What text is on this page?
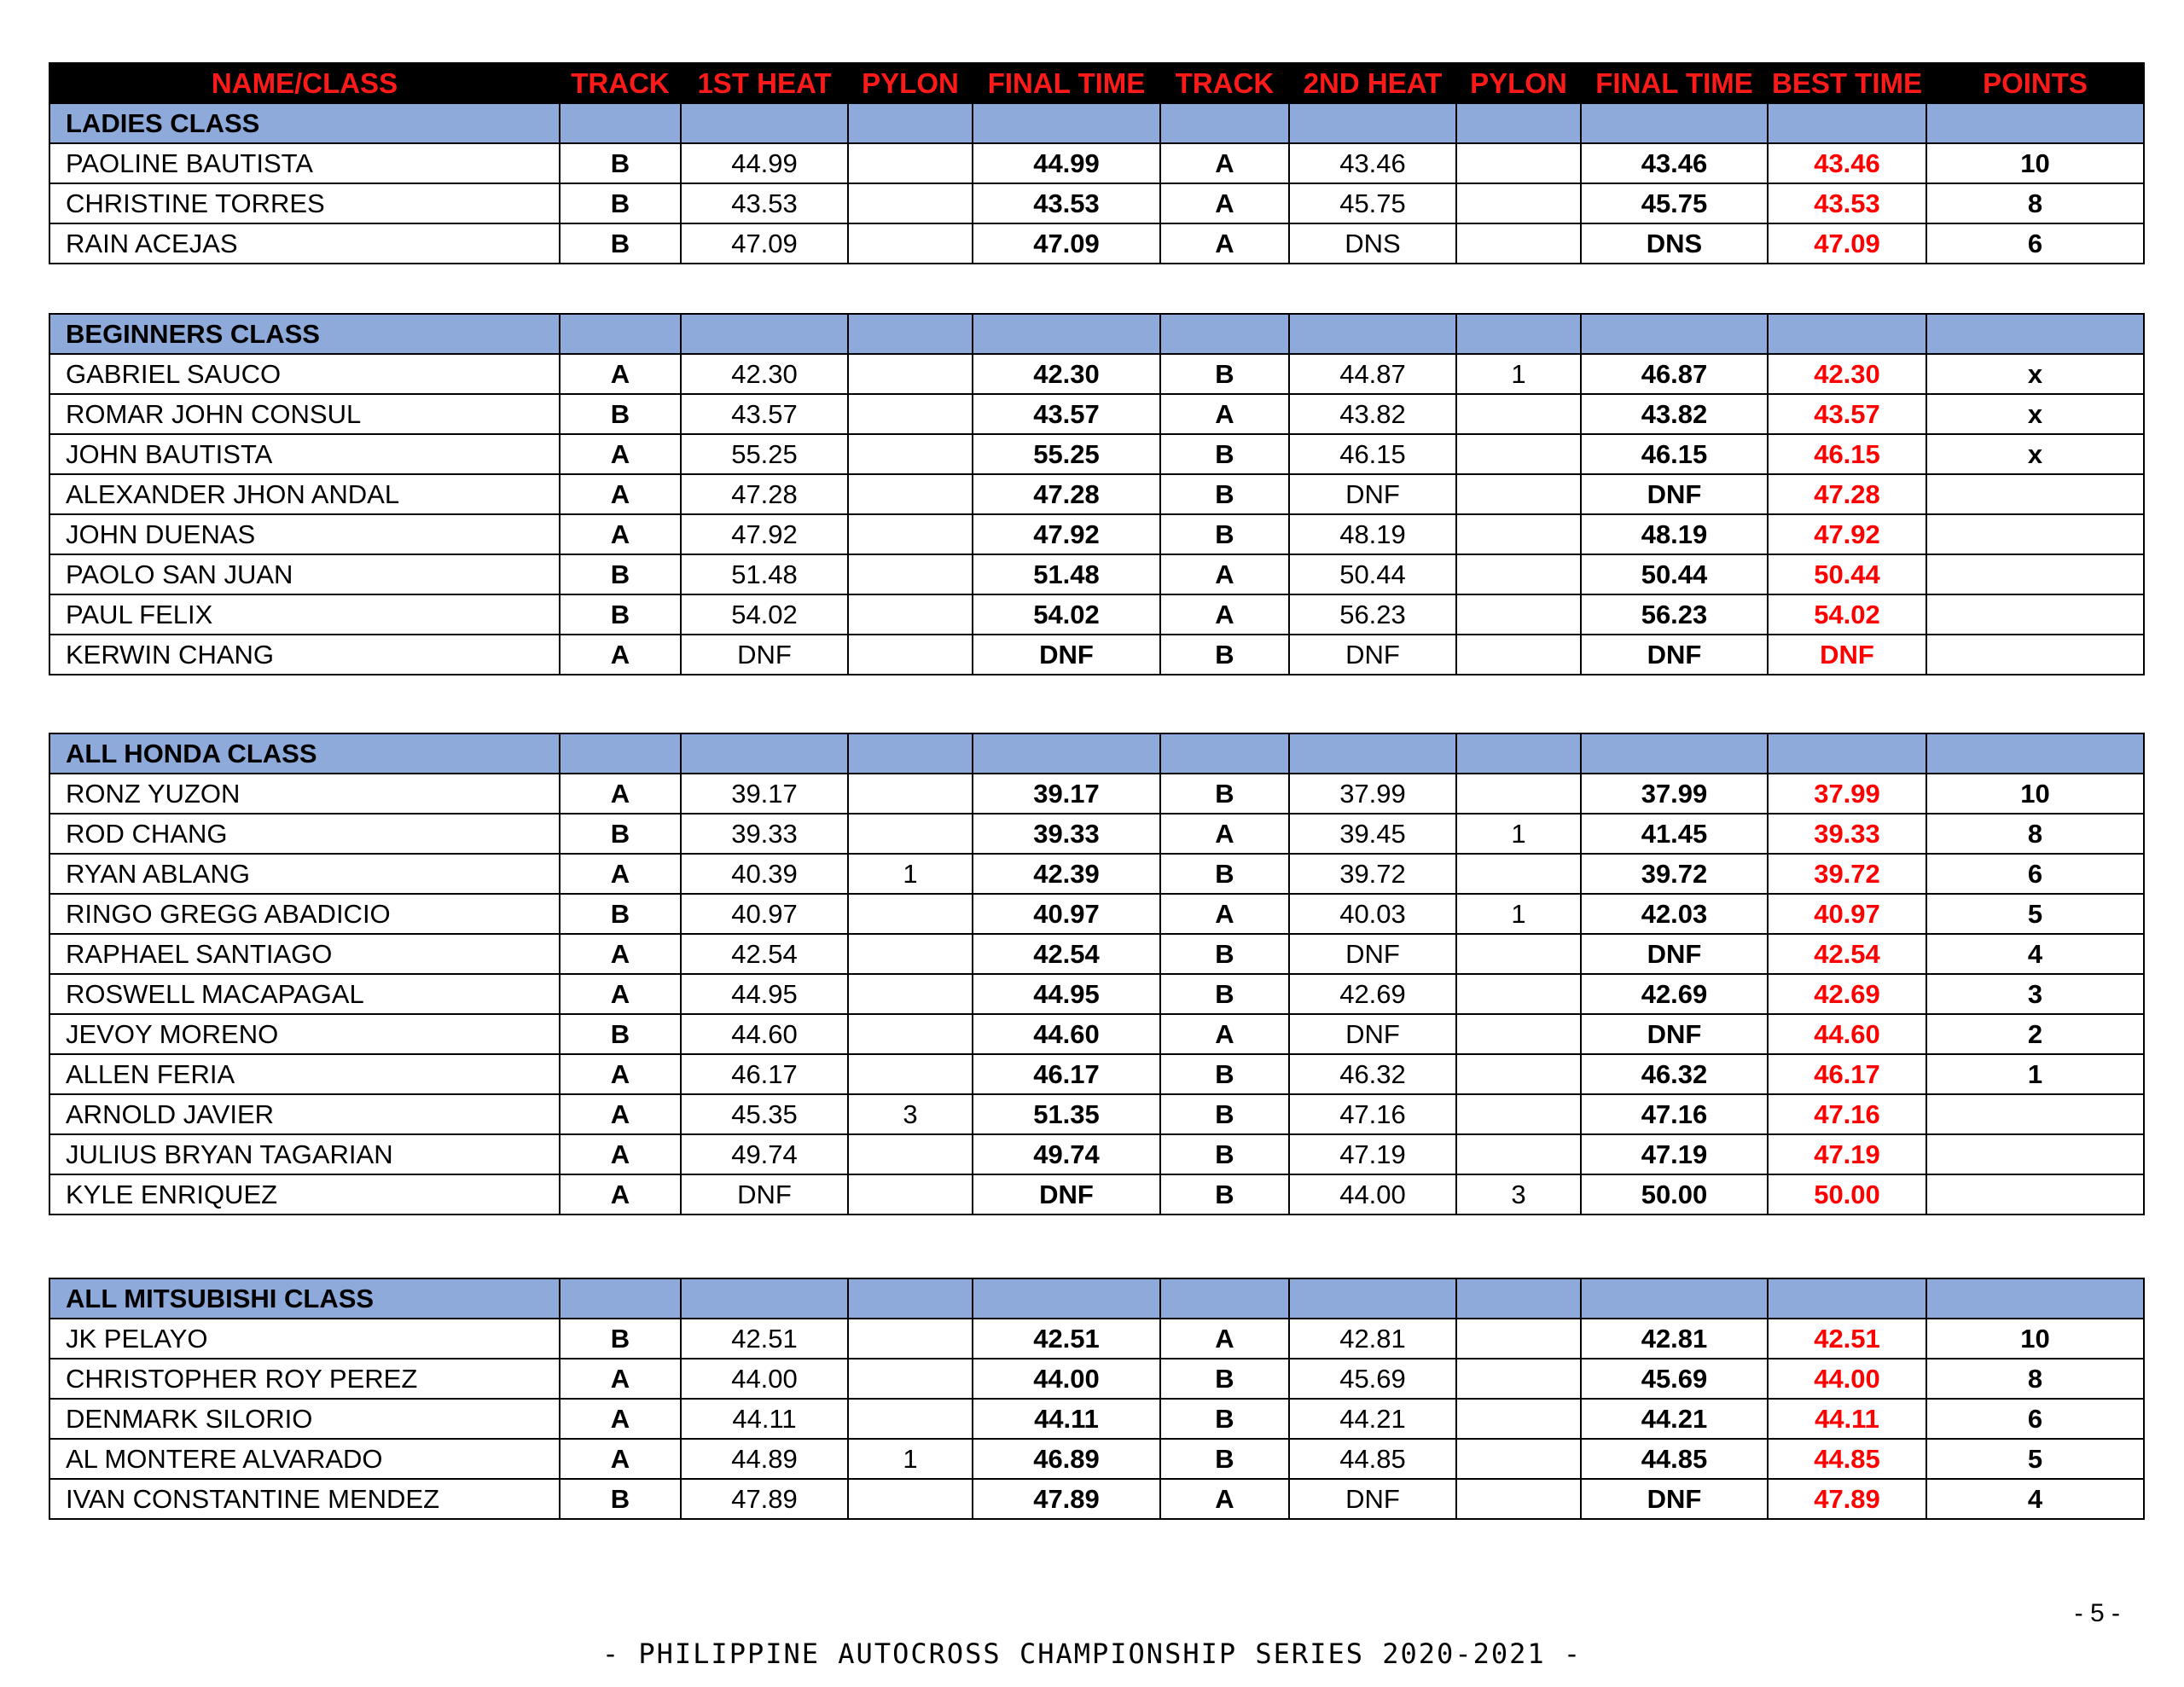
NAME/CLASS	TRACK	1ST HEAT	PYLON	FINAL TIME	TRACK	2ND HEAT	PYLON	FINAL TIME	BEST TIME	POINTS
LADIES CLASS										
PAOLINE BAUTISTA	B	44.99		44.99	A	43.46		43.46	43.46	10
CHRISTINE TORRES	B	43.53		43.53	A	45.75		45.75	43.53	8
RAIN ACEJAS	B	47.09		47.09	A	DNS		DNS	47.09	6
BEGINNERS CLASS										
GABRIEL SAUCO	A	42.30		42.30	B	44.87	1	46.87	42.30	x
ROMAR JOHN CONSUL	B	43.57		43.57	A	43.82		43.82	43.57	x
JOHN BAUTISTA	A	55.25		55.25	B	46.15		46.15	46.15	x
ALEXANDER JHON ANDAL	A	47.28		47.28	B	DNF		DNF	47.28	
JOHN DUENAS	A	47.92		47.92	B	48.19		48.19	47.92	
PAOLO SAN JUAN	B	51.48		51.48	A	50.44		50.44	50.44	
PAUL FELIX	B	54.02		54.02	A	56.23		56.23	54.02	
KERWIN CHANG	A	DNF		DNF	B	DNF		DNF	DNF	
ALL HONDA CLASS										
RONZ YUZON	A	39.17		39.17	B	37.99		37.99	37.99	10
ROD CHANG	B	39.33		39.33	A	39.45	1	41.45	39.33	8
RYAN ABLANG	A	40.39	1	42.39	B	39.72		39.72	39.72	6
RINGO GREGG ABADICIO	B	40.97		40.97	A	40.03	1	42.03	40.97	5
RAPHAEL SANTIAGO	A	42.54		42.54	B	DNF		DNF	42.54	4
ROSWELL MACAPAGAL	A	44.95		44.95	B	42.69		42.69	42.69	3
JEVOY MORENO	B	44.60		44.60	A	DNF		DNF	44.60	2
ALLEN FERIA	A	46.17		46.17	B	46.32		46.32	46.17	1
ARNOLD JAVIER	A	45.35	3	51.35	B	47.16		47.16	47.16	
JULIUS BRYAN TAGARIAN	A	49.74		49.74	B	47.19		47.19	47.19	
KYLE ENRIQUEZ	A	DNF		DNF	B	44.00	3	50.00	50.00	
ALL MITSUBISHI CLASS										
JK PELAYO	B	42.51		42.51	A	42.81		42.81	42.51	10
CHRISTOPHER ROY PEREZ	A	44.00		44.00	B	45.69		45.69	44.00	8
DENMARK SILORIO	A	44.11		44.11	B	44.21		44.21	44.11	6
AL MONTERE ALVARADO	A	44.89	1	46.89	B	44.85		44.85	44.85	5
IVAN CONSTANTINE MENDEZ	B	47.89		47.89	A	DNF		DNF	47.89	4
- 5 -
- PHILIPPINE AUTOCROSS CHAMPIONSHIP SERIES 2020-2021 -
